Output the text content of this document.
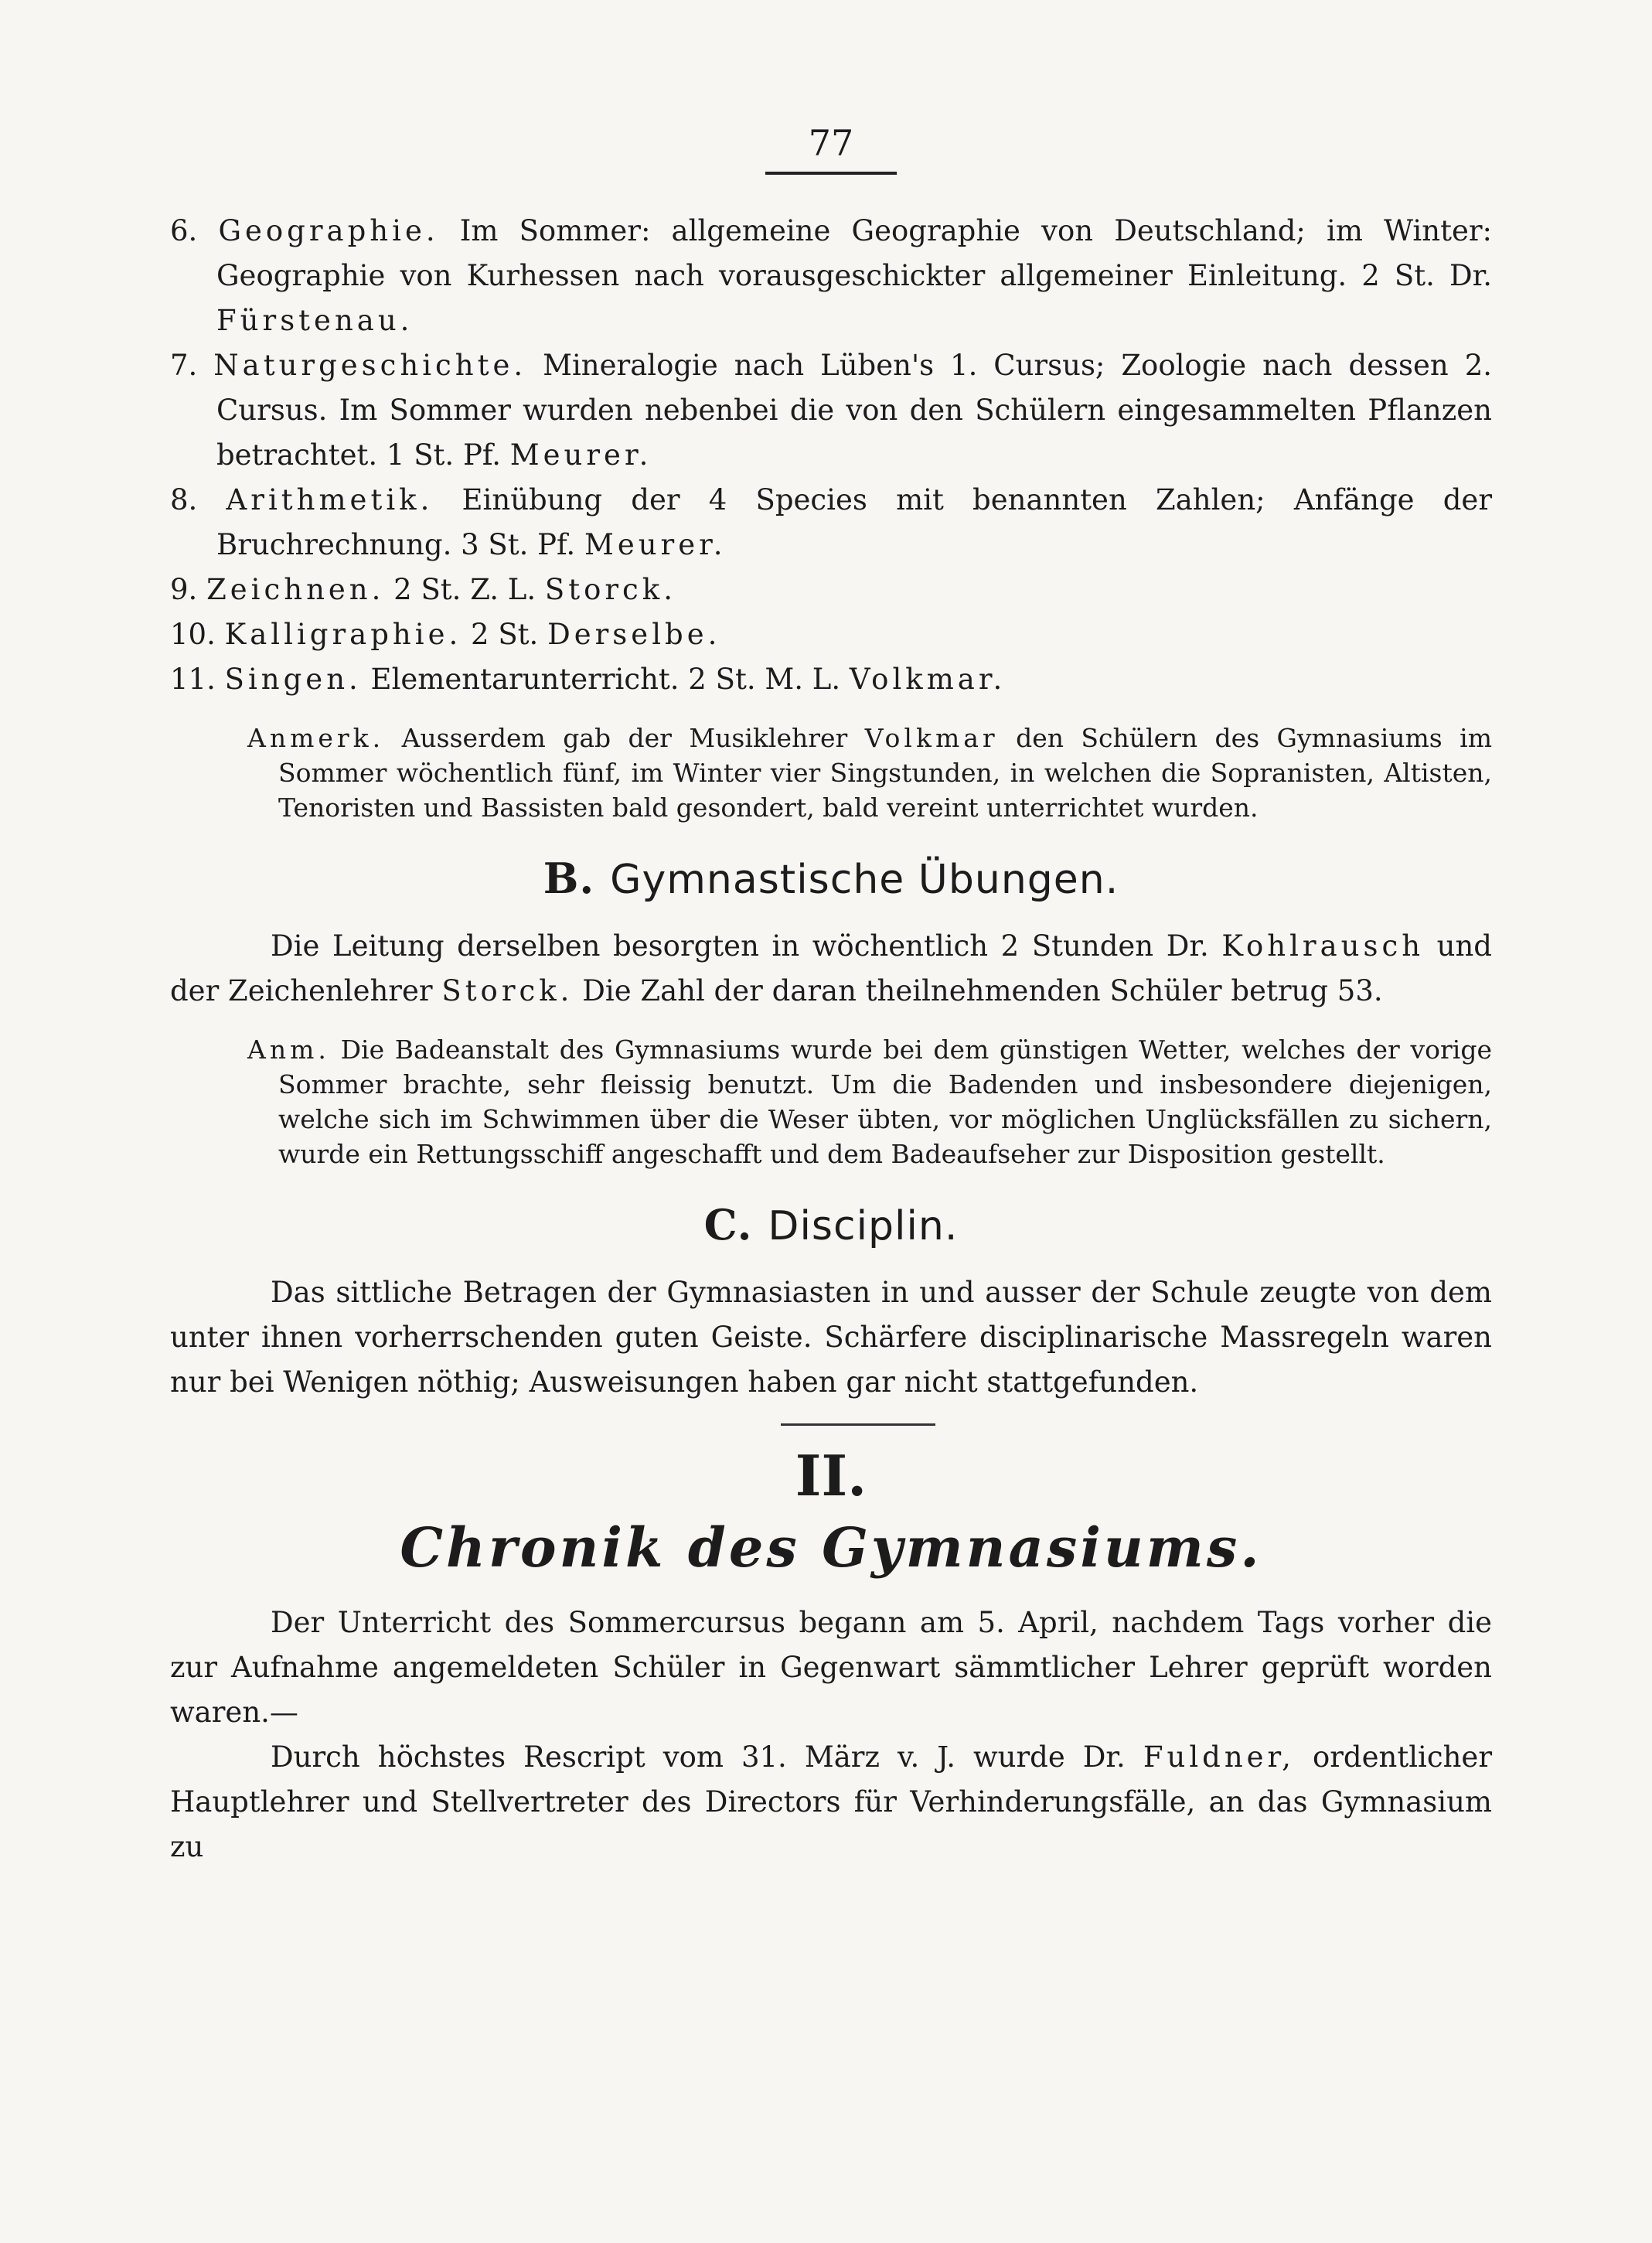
77

6. Geographie. Im Sommer: allgemeine Geographie von Deutschland; im Winter: Geographie von Kurhessen nach vorausgeschickter allgemeiner Einleitung. 2 St. Dr. Fürstenau.

7. Naturgeschichte. Mineralogie nach Lüben's 1. Cursus; Zoologie nach dessen 2. Cursus. Im Sommer wurden nebenbei die von den Schülern eingesammelten Pflanzen betrachtet. 1 St. Pf. Meurer.

8. Arithmetik. Einübung der 4 Species mit benannten Zahlen; Anfänge der Bruchrechnung. 3 St. Pf. Meurer.

9. Zeichnen. 2 St. Z. L. Storck.

10. Kalligraphie. 2 St. Derselbe.

11. Singen. Elementarunterricht. 2 St. M. L. Volkmar.

Anmerk. Ausserdem gab der Musiklehrer Volkmar den Schülern des Gymnasiums im Sommer wöchentlich fünf, im Winter vier Singstunden, in welchen die Sopranisten, Altisten, Tenoristen und Bassisten bald gesondert, bald vereint unterrichtet wurden.

B. Gymnastische Übungen.

Die Leitung derselben besorgten in wöchentlich 2 Stunden Dr. Kohlrausch und der Zeichenlehrer Storck. Die Zahl der daran theilnehmenden Schüler betrug 53.

Anm. Die Badeanstalt des Gymnasiums wurde bei dem günstigen Wetter, welches der vorige Sommer brachte, sehr fleissig benutzt. Um die Badenden und insbesondere diejenigen, welche sich im Schwimmen über die Weser übten, vor möglichen Unglücksfällen zu sichern, wurde ein Rettungsschiff angeschafft und dem Badeaufseher zur Disposition gestellt.

C. Disciplin.

Das sittliche Betragen der Gymnasiasten in und ausser der Schule zeugte von dem unter ihnen vorherrschenden guten Geiste. Schärfere disciplinarische Massregeln waren nur bei Wenigen nöthig; Ausweisungen haben gar nicht stattgefunden.

II.
Chronik des Gymnasiums.

Der Unterricht des Sommercursus begann am 5. April, nachdem Tags vorher die zur Aufnahme angemeldeten Schüler in Gegenwart sämmtlicher Lehrer geprüft worden waren.—

Durch höchstes Rescript vom 31. März v. J. wurde Dr. Fuldner, ordentlicher Hauptlehrer und Stellvertreter des Directors für Verhinderungsfälle, an das Gymnasium zu
